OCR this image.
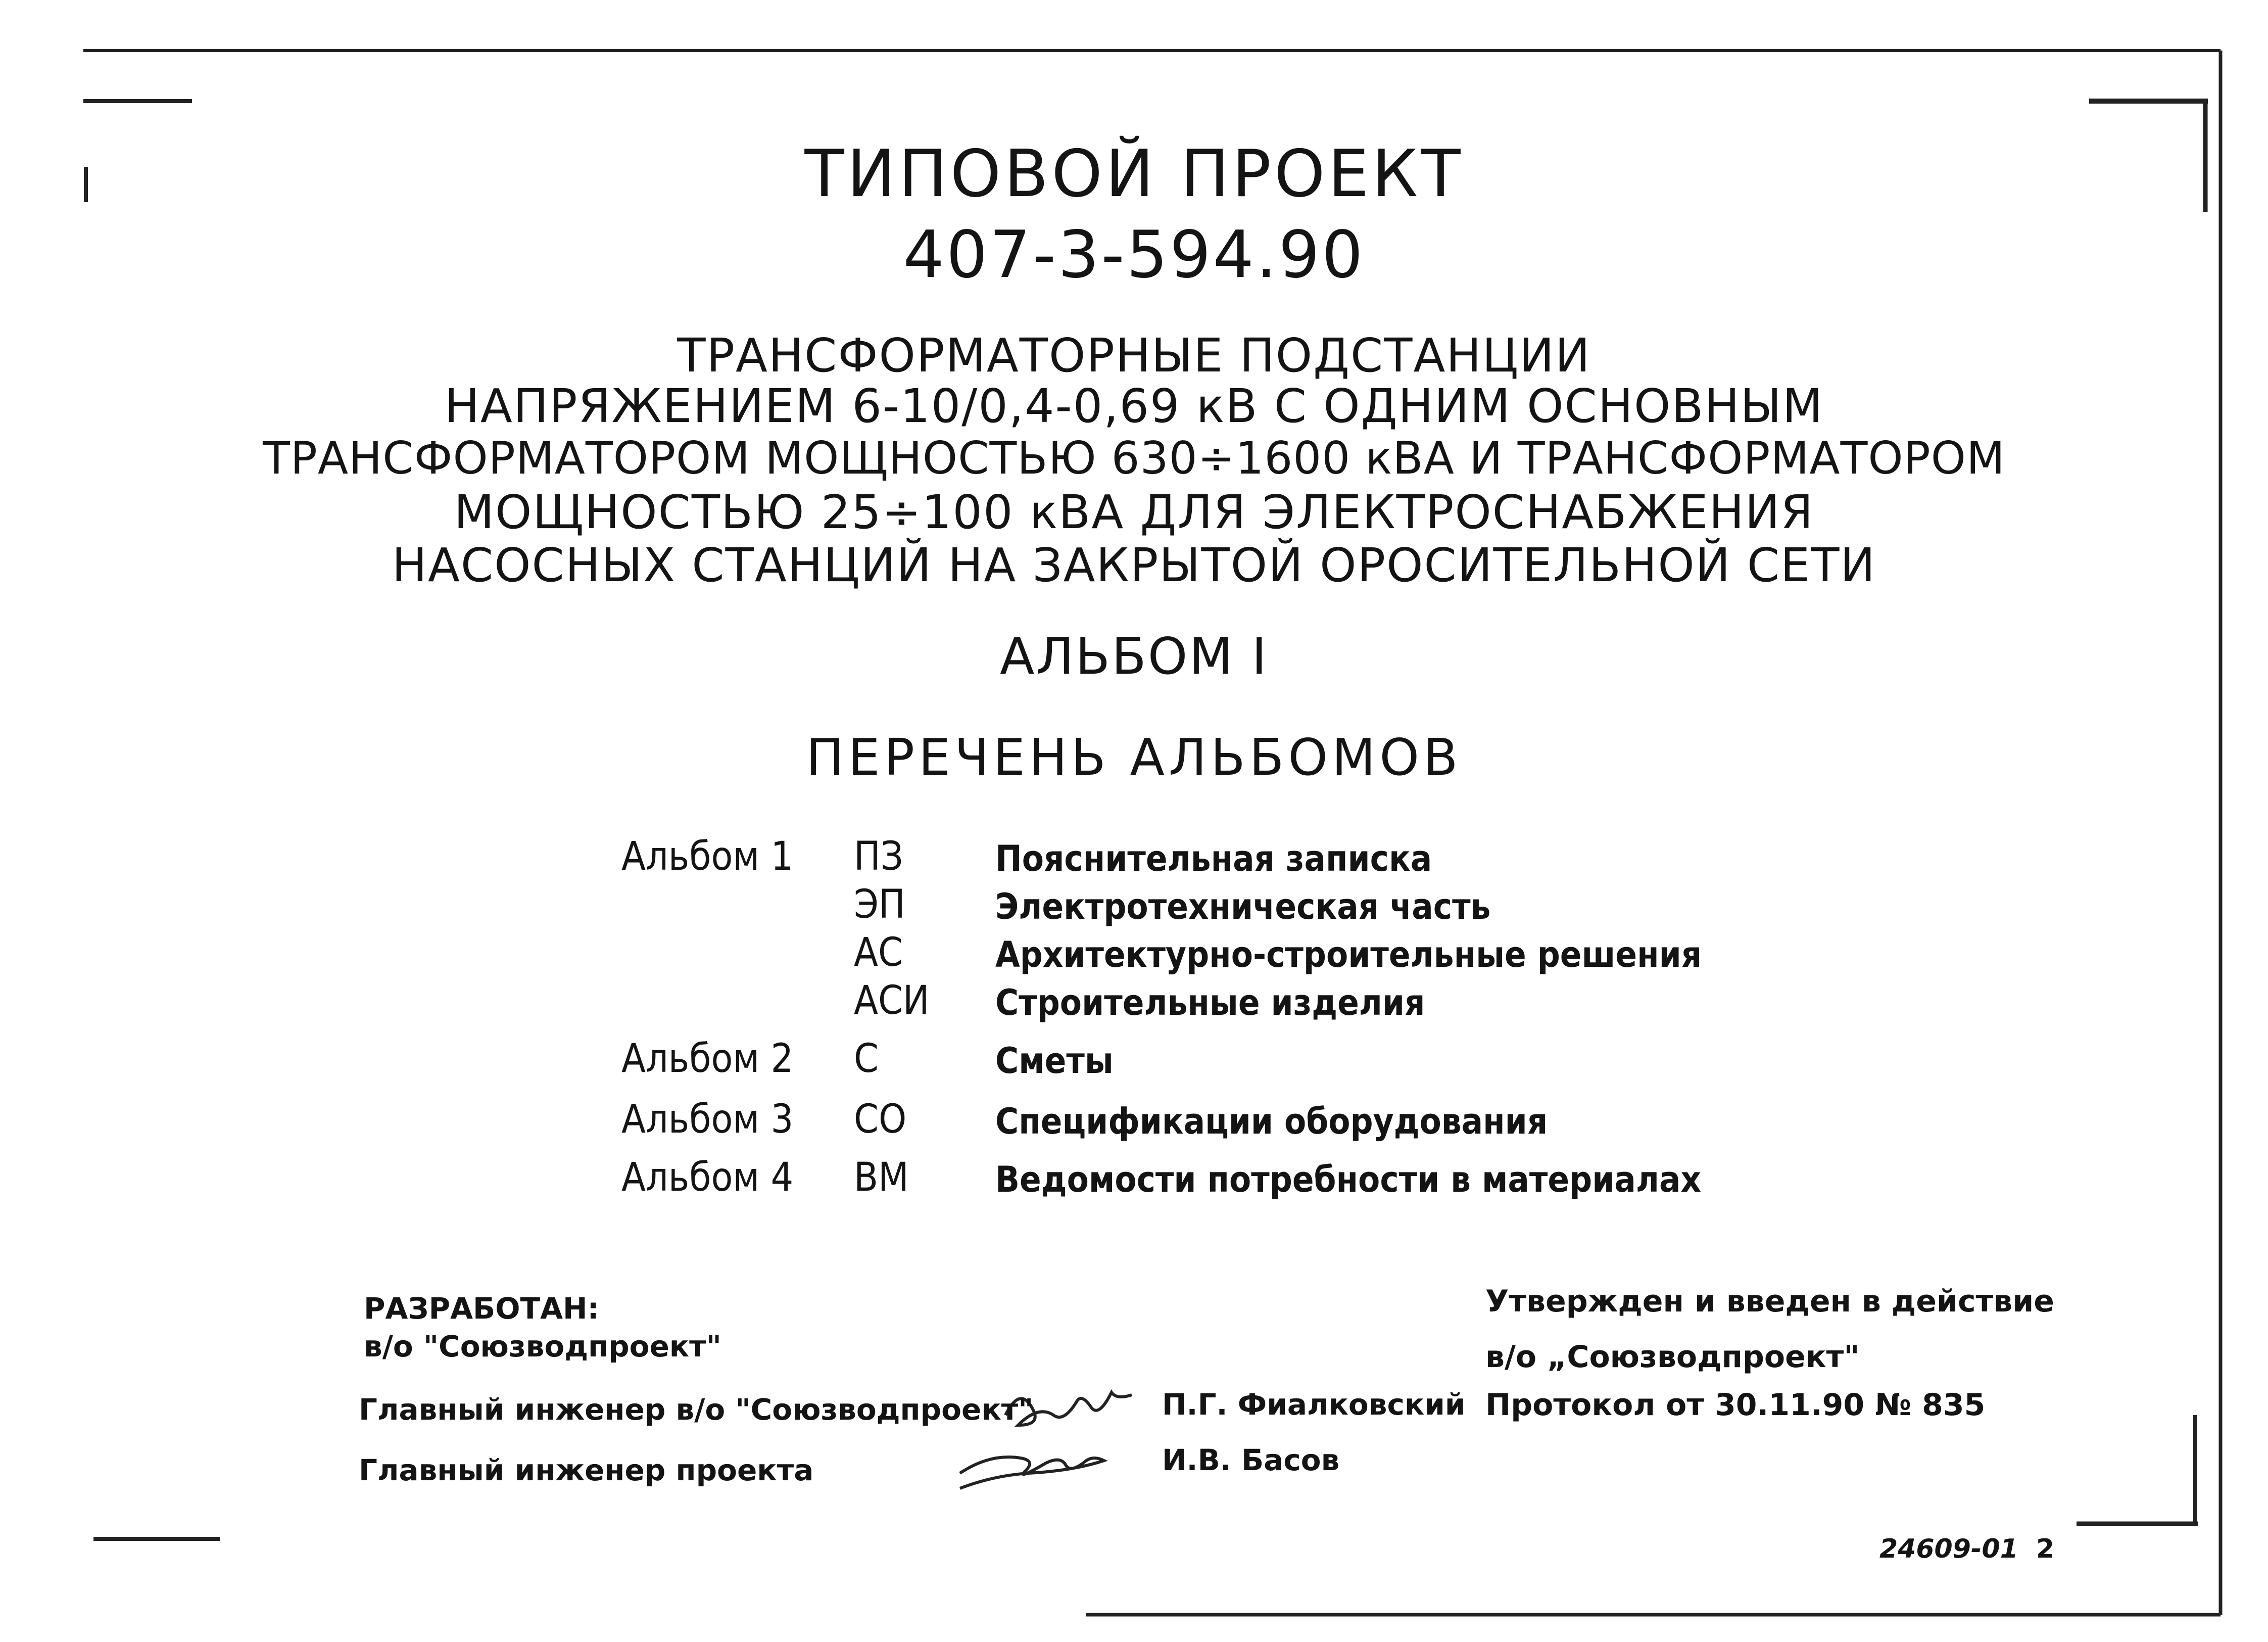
ТИПОВОЙ ПРОЕКТ
407-3-594.90
ТРАНСФОРМАТОРНЫЕ ПОДСТАНЦИИ
НАПРЯЖЕНИЕМ 6-10/0,4-0,69 кВ С ОДНИМ ОСНОВНЫМ
ТРАНСФОРМАТОРОМ МОЩНОСТЬЮ 630÷1600 кВА И ТРАНСФОРМАТОРОМ
МОЩНОСТЬЮ 25÷100 кВА ДЛЯ ЭЛЕКТРОСНАБЖЕНИЯ
НАСОСНЫХ СТАНЦИЙ НА ЗАКРЫТОЙ ОРОСИТЕЛЬНОЙ СЕТИ
АЛЬБОМ I
ПЕРЕЧЕНЬ АЛЬБОМОВ
Альбом 1 ПЗ	Пояснительная записка
ЭП	Электротехническая часть
АС	Архитектурно-строительные решения
АСИ Строительные изделия
Альбом 2 С	Сметы
Альбом 3 СО	Спецификации оборудования
Альбом 4 ВМ Ведомости потребности в материалах
РАЗРАБОТАН:
в/о "Союзводпроект"
Утвержден и введен в действие
в/о „Союзводпроект"
Протокол от 30.11.90 № 835
Главный инженер в/о "Союзводпроект"	П.Г. Фиалковский
Главный инженер проекта	И.В. Басов
24609-01 2
